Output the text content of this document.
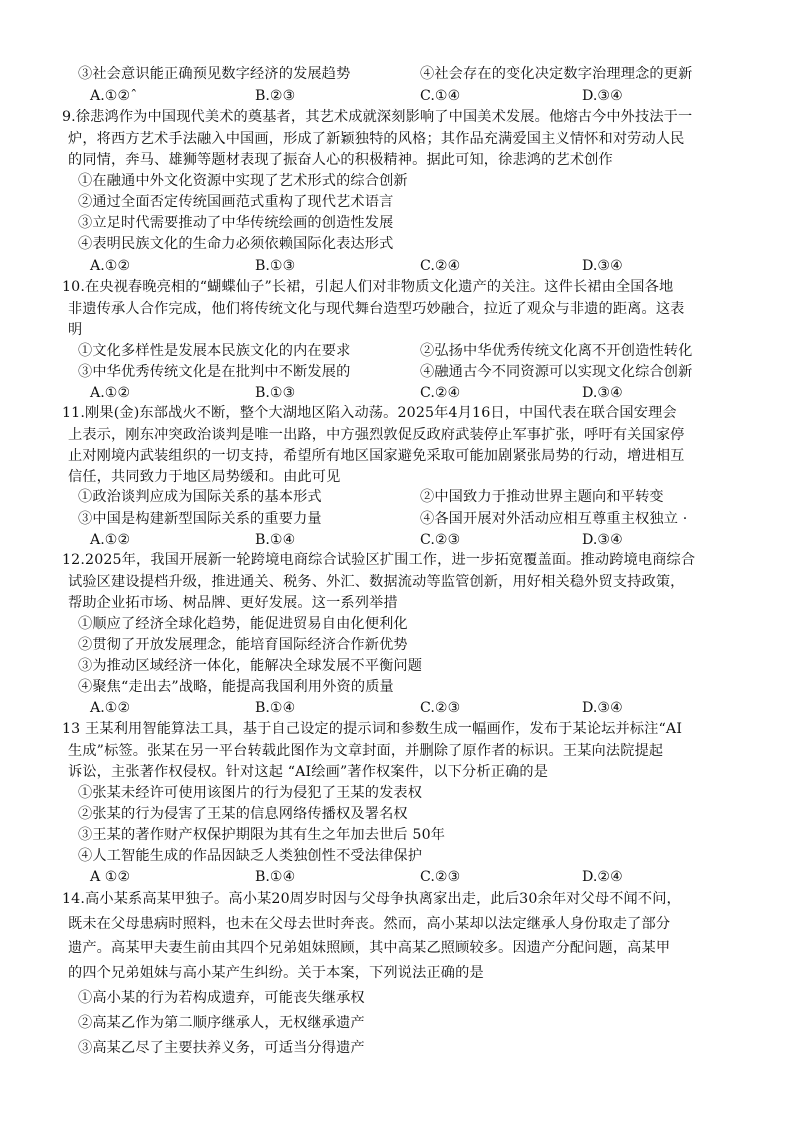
③社会意识能正确预见数字经济的发展趋势	④社会存在的变化决定数字治理理念的更新
A.①②ˆ	B.②③	C.①④	D.③④
9.徐悲鸿作为中国现代美术的奠基者，其艺术成就深刻影响了中国美术发展。他熔古今中外技法于一
炉，将西方艺术手法融入中国画，形成了新颖独特的风格；其作品充满爱国主义情怀和对劳动人民
的同情，奔马、雄狮等题材表现了振奋人心的积极精神。据此可知，徐悲鸿的艺术创作
①在融通中外文化资源中实现了艺术形式的综合创新
②通过全面否定传统国画范式重构了现代艺术语言
③立足时代需要推动了中华传统绘画的创造性发展
④表明民族文化的生命力必须依赖国际化表达形式
A.①②	B.①③	C.②④	D.③④
10.在央视春晚亮相的“蝴蝶仙子”长裙，引起人们对非物质文化遗产的关注。这件长裙由全国各地
非遗传承人合作完成，他们将传统文化与现代舞台造型巧妙融合，拉近了观众与非遗的距离。这表
明
①文化多样性是发展本民族文化的内在要求	②弘扬中华优秀传统文化离不开创造性转化
③中华优秀传统文化是在批判中不断发展的	④融通古今不同资源可以实现文化综合创新
A.①②	B.①③	C.②④	D.③④
11.刚果(金)东部战火不断，整个大湖地区陷入动荡。2025年4月16日，中国代表在联合国安理会
上表示，刚东冲突政治谈判是唯一出路，中方强烈敦促反政府武装停止军事扩张，呼吁有关国家停
止对刚境内武装组织的一切支持，希望所有地区国家避免采取可能加剧紧张局势的行动，增进相互
信任，共同致力于地区局势缓和。由此可见
①政治谈判应成为国际关系的基本形式	②中国致力于推动世界主题向和平转变
③中国是构建新型国际关系的重要力量	④各国开展对外活动应相互尊重主权独立 ·
A.①②	B.①④	C.②③	D.③④
12.2025年，我国开展新一轮跨境电商综合试验区扩围工作，进一步拓宽覆盖面。推动跨境电商综合
试验区建设提档升级，推进通关、税务、外汇、数据流动等监管创新，用好相关稳外贸支持政策，
帮助企业拓市场、树品牌、更好发展。这一系列举措
①顺应了经济全球化趋势，能促进贸易自由化便利化
②贯彻了开放发展理念，能培育国际经济合作新优势
③为推动区域经济一体化，能解决全球发展不平衡问题
④聚焦“走出去”战略，能提高我国利用外资的质量
A.①②	B.①④	C.②③	D.③④
13 王某利用智能算法工具，基于自己设定的提示词和参数生成一幅画作，发布于某论坛并标注“AI
生成”标签。张某在另一平台转载此图作为文章封面，并删除了原作者的标识。王某向法院提起
诉讼，主张著作权侵权。针对这起 “AI绘画”著作权案件，以下分析正确的是
①张某未经许可使用该图片的行为侵犯了王某的发表权
②张某的行为侵害了王某的信息网络传播权及署名权
③王某的著作财产权保护期限为其有生之年加去世后 50年
④人工智能生成的作品因缺乏人类独创性不受法律保护
A ①②	B.①④	C.②③	D.②④
14.高小某系高某甲独子。高小某20周岁时因与父母争执离家出走，此后30余年对父母不闻不问，
既未在父母患病时照料，也未在父母去世时奔丧。然而，高小某却以法定继承人身份取走了部分
遗产。高某甲夫妻生前由其四个兄弟姐妹照顾，其中高某乙照顾较多。因遗产分配问题，高某甲
的四个兄弟姐妹与高小某产生纠纷。关于本案，下列说法正确的是
①高小某的行为若构成遗弃，可能丧失继承权
②高某乙作为第二顺序继承人，无权继承遗产
③高某乙尽了主要扶养义务，可适当分得遗产
